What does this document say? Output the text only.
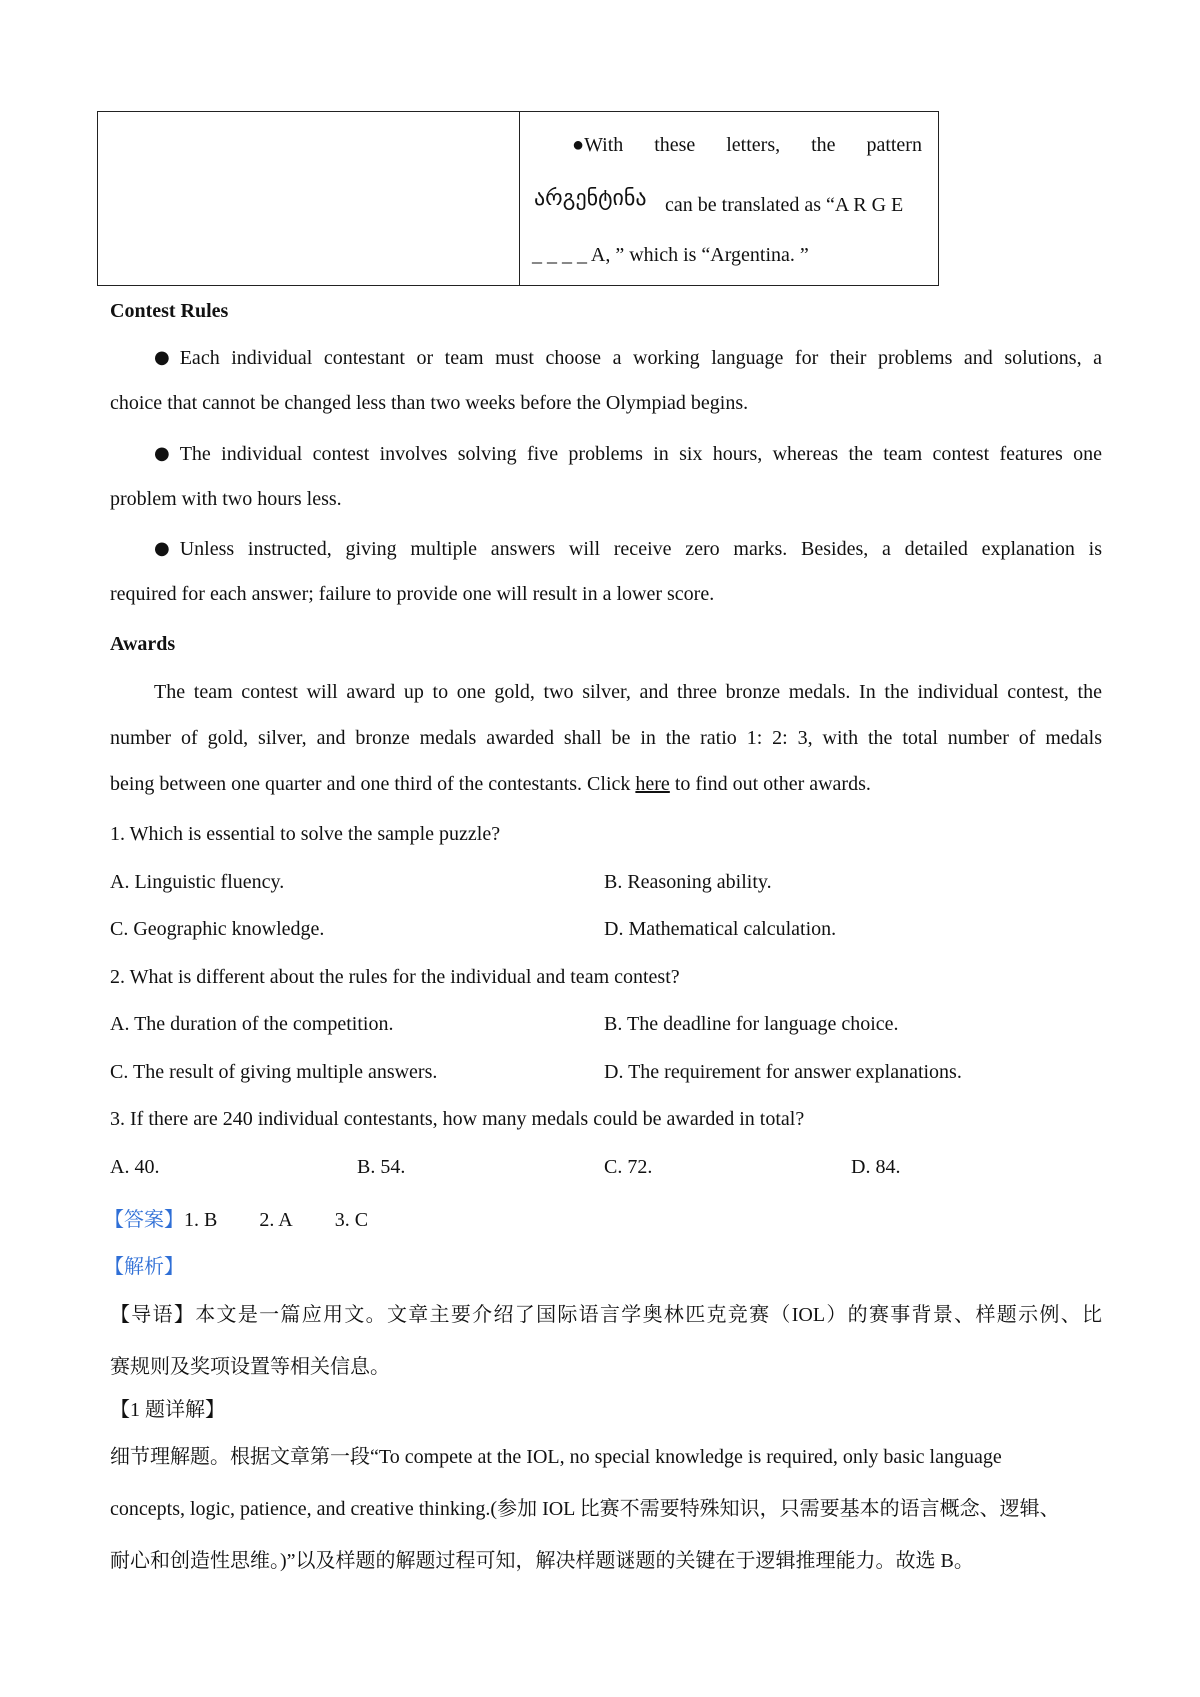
●With these letters, the pattern
არგენტინა can be translated as “A R G E
_ _ _ _ A, ” which is “Argentina. ”
Contest Rules
● Each individual contestant or team must choose a working language for their problems and solutions, a
choice that cannot be changed less than two weeks before the Olympiad begins.
● The individual contest involves solving five problems in six hours, whereas the team contest features one
problem with two hours less.
● Unless instructed, giving multiple answers will receive zero marks. Besides, a detailed explanation is
required for each answer; failure to provide one will result in a lower score.
Awards
The team contest will award up to one gold, two silver, and three bronze medals. In the individual contest, the
number of gold, silver, and bronze medals awarded shall be in the ratio 1: 2: 3, with the total number of medals
being between one quarter and one third of the contestants. Click here to find out other awards.
1. Which is essential to solve the sample puzzle?
A. Linguistic fluency.	B. Reasoning ability.
C. Geographic knowledge.	D. Mathematical calculation.
2. What is different about the rules for the individual and team contest?
A. The duration of the competition.	B. The deadline for language choice.
C. The result of giving multiple answers.	D. The requirement for answer explanations.
3. If there are 240 individual contestants, how many medals could be awarded in total?
A. 40.	B. 54.	C. 72.	D. 84.
【答案】1. B 2. A 3. C
【解析】
【导语】本文是一篇应用文。文章主要介绍了国际语言学奥林匹克竞赛（IOL）的赛事背景、样题示例、比
赛规则及奖项设置等相关信息。
【1 题详解】
细节理解题。根据文章第一段“To compete at the IOL, no special knowledge is required, only basic language
concepts, logic, patience, and creative thinking.(参加 IOL 比赛不需要特殊知识，只需要基本的语言概念、逻辑、
耐心和创造性思维。)”以及样题的解题过程可知，解决样题谜题的关键在于逻辑推理能力。故选 B。
